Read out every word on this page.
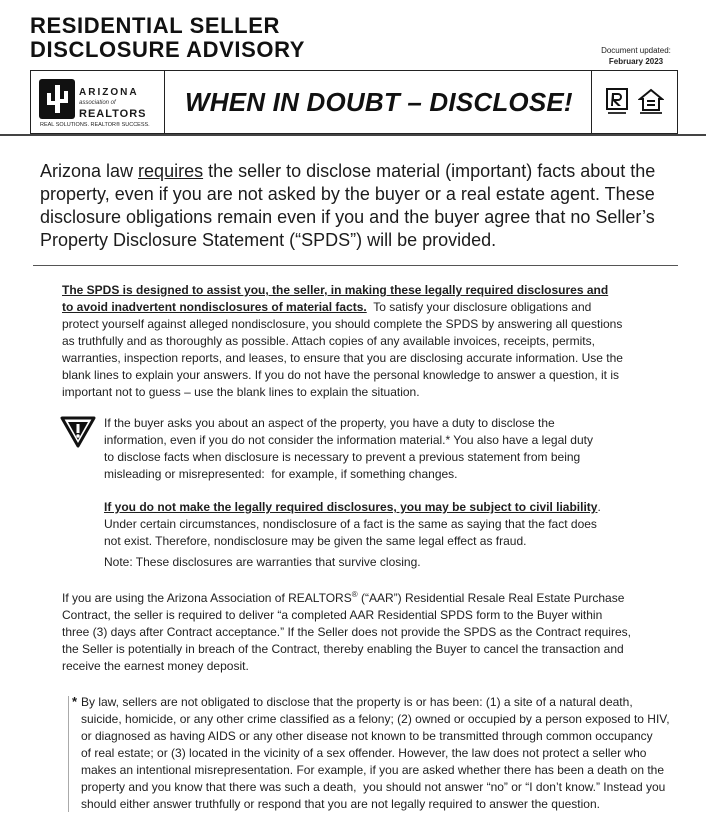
RESIDENTIAL SELLER
DISCLOSURE ADVISORY	Document updated:
February 2023
ARIZONA
association of
REALTORS
REAL SOLUTIONS. REALTOR® SUCCESS.
WHEN IN DOUBT – DISCLOSE!

Arizona law requires the seller to disclose material (important) facts about the

property, even if you are not asked by the buyer or a real estate agent. These

disclosure obligations remain even if you and the buyer agree that no Seller’s

Property Disclosure Statement (“SPDS”) will be provided.

The SPDS is designed to assist you, the seller, in making these legally required disclosures and

to avoid inadvertent nondisclosures of material facts.  To satisfy your disclosure obligations and

protect yourself against alleged nondisclosure, you should complete the SPDS by answering all questions

as truthfully and as thoroughly as possible. Attach copies of any available invoices, receipts, permits,

warranties, inspection reports, and leases, to ensure that you are disclosing accurate information. Use the

blank lines to explain your answers. If you do not have the personal knowledge to answer a question, it is

important not to guess – use the blank lines to explain the situation.

If the buyer asks you about an aspect of the property, you have a duty to disclose the

information, even if you do not consider the information material.* You also have a legal duty

to disclose facts when disclosure is necessary to prevent a previous statement from being

misleading or misrepresented:  for example, if something changes.

If you do not make the legally required disclosures, you may be subject to civil liability.

Under certain circumstances, nondisclosure of a fact is the same as saying that the fact does

not exist. Therefore, nondisclosure may be given the same legal effect as fraud.

Note: These disclosures are warranties that survive closing.

If you are using the Arizona Association of REALTORS® (“AAR”) Residential Resale Real Estate Purchase

Contract, the seller is required to deliver “a completed AAR Residential SPDS form to the Buyer within

three (3) days after Contract acceptance.” If the Seller does not provide the SPDS as the Contract requires,

the Seller is potentially in breach of the Contract, thereby enabling the Buyer to cancel the transaction and

receive the earnest money deposit.

* By law, sellers are not obligated to disclose that the property is or has been: (1) a site of a natural death,

suicide, homicide, or any other crime classified as a felony; (2) owned or occupied by a person exposed to HIV,

or diagnosed as having AIDS or any other disease not known to be transmitted through common occupancy

of real estate; or (3) located in the vicinity of a sex offender. However, the law does not protect a seller who

makes an intentional misrepresentation. For example, if you are asked whether there has been a death on the

property and you know that there was such a death,  you should not answer “no” or “I don’t know.” Instead you

should either answer truthfully or respond that you are not legally required to answer the question.
